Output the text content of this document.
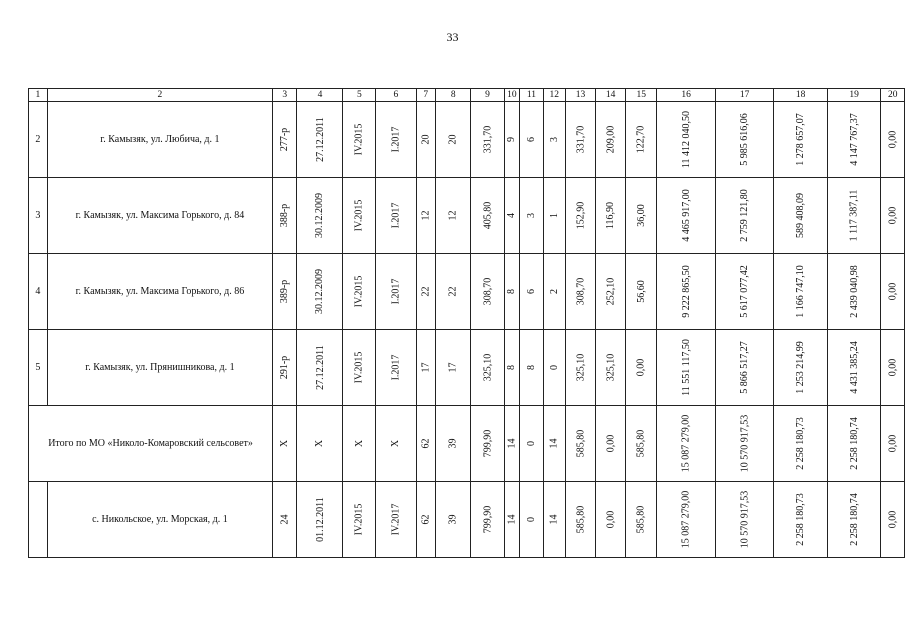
33
1	2	3	4	5	6	7	8	9	10	11	12	13	14	15	16	17	18	19	20
2	г. Камызяк, ул. Любича, д. 1	277-р	27.12.2011	IV.2015	I.2017	20	20	331,70	9	6	3	331,70	209,00	122,70	11 412 040,50	5 985 616,06	1 278 657,07	4 147 767,37	0,00
3	г. Камызяк, ул. Максима Горького, д. 84	388-р	30.12.2009	IV.2015	I.2017	12	12	405,80	4	3	1	152,90	116,90	36,00	4 465 917,00	2 759 121,80	589 408,09	1 117 387,11	0,00
4	г. Камызяк, ул. Максима Горького, д. 86	389-р	30.12.2009	IV.2015	I.2017	22	22	308,70	8	6	2	308,70	252,10	56,60	9 222 865,50	5 617 077,42	1 166 747,10	2 439 040,98	0,00
5	г. Камызяк, ул. Прянишникова, д. 1	291-р	27.12.2011	IV.2015	I.2017	17	17	325,10	8	8	0	325,10	325,10	0,00	11 551 117,50	5 866 517,27	1 253 214,99	4 431 385,24	0,00
Итого по МО «Николо-Комаровский сельсовет»		X	X	X	X	62	39	799,90	14	0	14	585,80	0,00	585,80	15 087 279,00	10 570 917,53	2 258 180,73	2 258 180,74	0,00
	с. Никольское, ул. Морская, д. 1	24	01.12.2011	IV.2015	IV.2017	62	39	799,90	14	0	14	585,80	0,00	585,80	15 087 279,00	10 570 917,53	2 258 180,73	2 258 180,74	0,00
